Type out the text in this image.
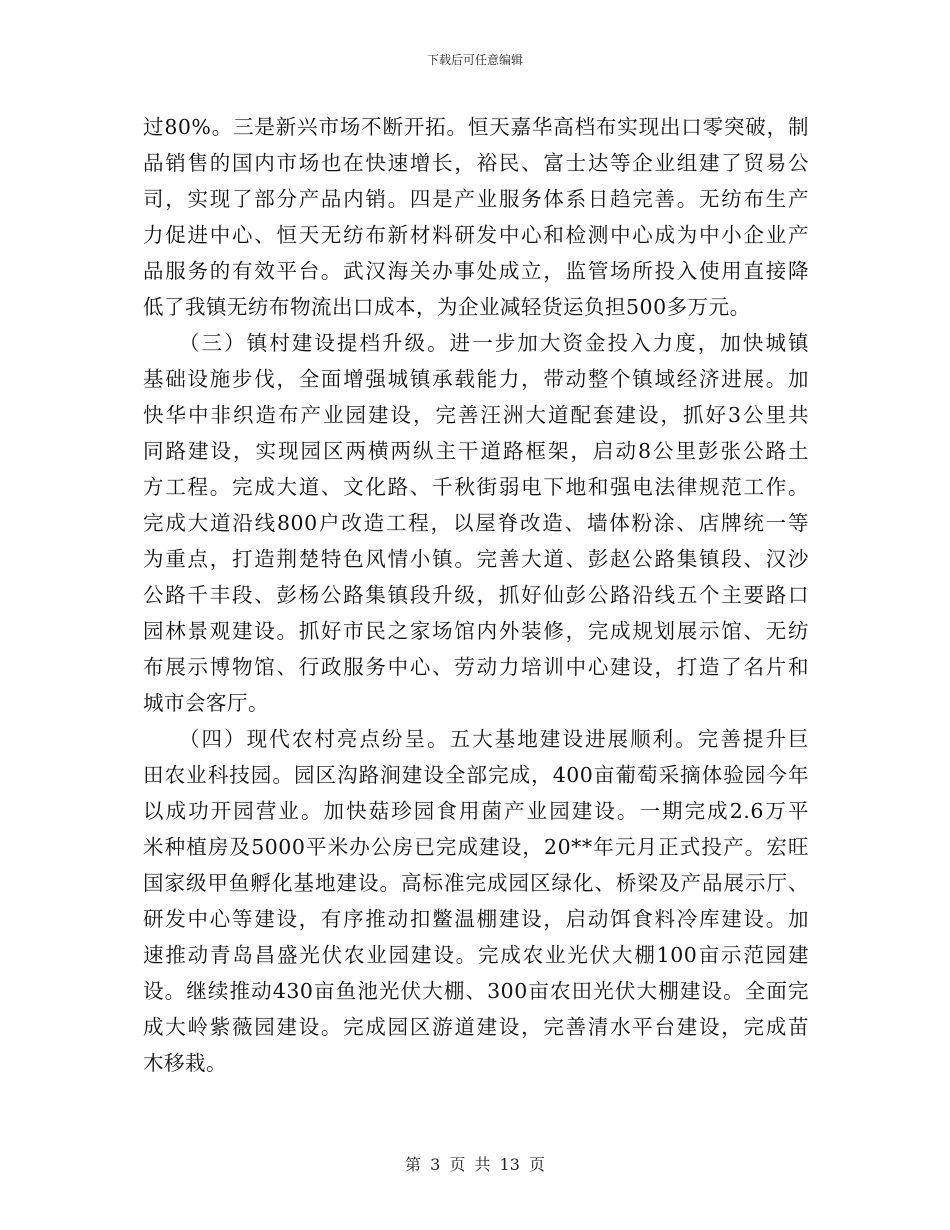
下载后可任意编辑
过80%。三是新兴市场不断开拓。恒天嘉华高档布实现出口零突破，制
品销售的国内市场也在快速增长，裕民、富士达等企业组建了贸易公
司，实现了部分产品内销。四是产业服务体系日趋完善。无纺布生产
力促进中心、恒天无纺布新材料研发中心和检测中心成为中小企业产
品服务的有效平台。武汉海关办事处成立，监管场所投入使用直接降
低了我镇无纺布物流出口成本，为企业减轻货运负担500多万元。
（三）镇村建设提档升级。进一步加大资金投入力度，加快城镇
基础设施步伐，全面增强城镇承载能力，带动整个镇域经济进展。加
快华中非织造布产业园建设，完善汪洲大道配套建设，抓好3公里共
同路建设，实现园区两横两纵主干道路框架，启动8公里彭张公路土
方工程。完成大道、文化路、千秋街弱电下地和强电法律规范工作。
完成大道沿线800户改造工程，以屋脊改造、墙体粉涂、店牌统一等
为重点，打造荆楚特色风情小镇。完善大道、彭赵公路集镇段、汉沙
公路千丰段、彭杨公路集镇段升级，抓好仙彭公路沿线五个主要路口
园林景观建设。抓好市民之家场馆内外装修，完成规划展示馆、无纺
布展示博物馆、行政服务中心、劳动力培训中心建设，打造了名片和
城市会客厅。
（四）现代农村亮点纷呈。五大基地建设进展顺利。完善提升巨
田农业科技园。园区沟路涧建设全部完成，400亩葡萄采摘体验园今年
以成功开园营业。加快菇珍园食用菌产业园建设。一期完成2.6万平
米种植房及5000平米办公房已完成建设，20**年元月正式投产。宏旺
国家级甲鱼孵化基地建设。高标准完成园区绿化、桥梁及产品展示厅、
研发中心等建设，有序推动扣鳖温棚建设，启动饵食料冷库建设。加
速推动青岛昌盛光伏农业园建设。完成农业光伏大棚100亩示范园建
设。继续推动430亩鱼池光伏大棚、300亩农田光伏大棚建设。全面完
成大岭紫薇园建设。完成园区游道建设，完善清水平台建设，完成苗
木移栽。
第 3 页 共 13 页
